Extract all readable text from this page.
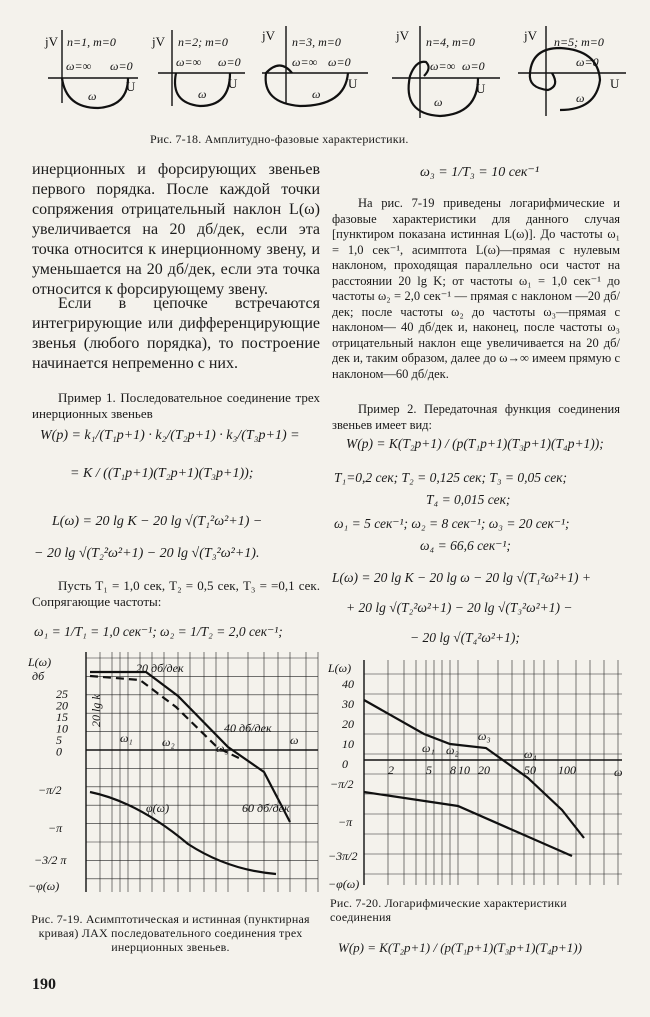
jV n=1, m=0
ω=∞ ω=0
U
ω
jV n=2; m=0
ω=∞ ω=0
U
ω
jV n=3, m=0
ω=∞ ω=0
U
ω
jV n=4, m=0
ω=∞ ω=0
U
ω
jV n=5; m=0
ω=0
U
ω
Рис. 7-18. Амплитудно-фазовые характеристики.
инерционных и форсирующих звеньев первого порядка. После каждой точки сопряжения отрицательный наклон L(ω) увеличивается на 20 дб/дек, если эта точка относится к инерционному звену, и уменьшается на 20 дб/дек, если эта точка относится к форсирующему звену.
Если в цепочке встречаются интегрирующие или дифференцирующие звенья (любого порядка), то построение начинается непременно с них.
Пример 1. Последовательное соединение трех инерционных звеньев
W(p) = k₁/(T₁p+1) · k₂/(T₂p+1) · k₃/(T₃p+1) =
= K / ((T₁p+1)(T₂p+1)(T₃p+1));
L(ω) = 20 lg K − 20 lg √(T₁²ω²+1) −
− 20 lg √(T₂²ω²+1) − 20 lg √(T₃²ω²+1).
Пусть T₁ = 1,0 сек, T₂ = 0,5 сек, T₃ = =0,1 сек. Сопрягающие частоты:
ω₁ = 1/T₁ = 1,0 сек⁻¹; ω₂ = 1/T₂ = 2,0 сек⁻¹;
L(ω)
дб
25
20
15
10
5
0
ω
ω₁ ω₂	ω₃
20 дб/дек
40 дб/дек
60 дб/дек
20 lg k
φ(ω)
−π/2
−π
−3/2 π
−φ(ω)
Рис. 7-19. Асимптотическая и истинная (пунктирная кривая) ЛАХ последовательного соединения трех инерционных звеньев.
ω₃ = 1/T₃ = 10 сек⁻¹
На рис. 7-19 приведены логарифмические и фазовые характеристики для данного случая [пунктиром показана истинная L(ω)]. До частоты ω₁ = 1,0 сек⁻¹, асимптота L(ω)—прямая с нулевым наклоном, проходящая параллельно оси частот на расстоянии 20 lg K; от частоты ω₁ = 1,0 сек⁻¹ до частоты ω₂ = 2,0 сек⁻¹ — прямая с наклоном —20 дб/дек; после частоты ω₂ до частоты ω₃—прямая с наклоном— 40 дб/дек и, наконец, после частоты ω₃ отрицательный наклон еще увеличивается на 20 дб/дек и, таким образом, далее до ω→∞ имеем прямую с наклоном—60 дб/дек.
Пример 2. Передаточная функция соединения звеньев имеет вид:
W(p) = K(T₂p+1) / (p(T₁p+1)(T₃p+1)(T₄p+1));
T₁=0,2 сек; T₂ = 0,125 сек; T₃ = 0,05 сек;
T₄ = 0,015 сек;
ω₁ = 5 сек⁻¹; ω₂ = 8 сек⁻¹; ω₃ = 20 сек⁻¹;
ω₄ = 66,6 сек⁻¹;
L(ω) = 20 lg K − 20 lg ω − 20 lg √(T₁²ω²+1) +
+ 20 lg √(T₂²ω²+1) − 20 lg √(T₃²ω²+1) −
− 20 lg √(T₄²ω²+1);
L(ω)
40
30
20
10
0	2	5 8 10 20	50 100	ω
ω₁ ω₂
ω₃
ω₄
−π/2
−π
−3π/2
−φ(ω)
Рис. 7-20. Логарифмические характеристики соединения
W(p) = K(T₂p+1) / (p(T₁p+1)(T₃p+1)(T₄p+1))
190
